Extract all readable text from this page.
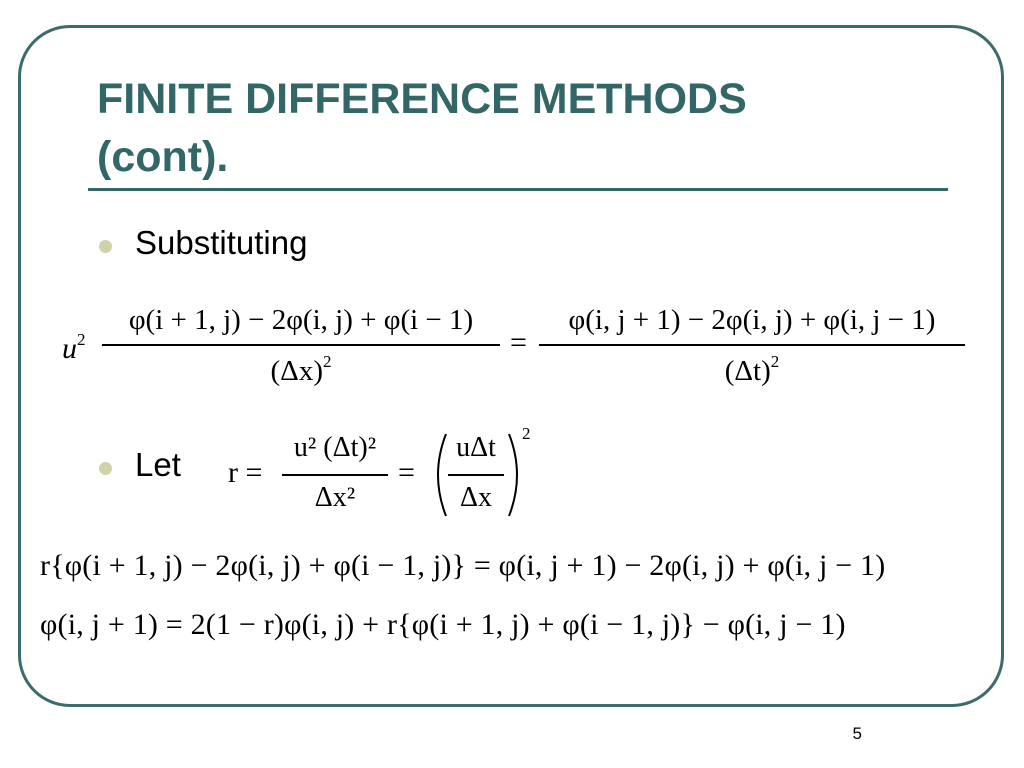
FINITE DIFFERENCE METHODS
(cont).
Substituting
$u^2$
φ(i + 1, j) − 2φ(i, j) + φ(i − 1)
$(\Delta x)^2$
=
φ(i, j + 1) − 2φ(i, j) + φ(i, j − 1)
$(\Delta t)^2$
Let r =
u² (Δt)²
Δx²
=
uΔt
Δx
2
r{φ(i + 1, j) − 2φ(i, j) + φ(i − 1, j)} = φ(i, j + 1) − 2φ(i, j) + φ(i, j − 1)
φ(i, j + 1) = 2(1 − r)φ(i, j) + r{φ(i + 1, j) + φ(i − 1, j)} − φ(i, j − 1)
5
